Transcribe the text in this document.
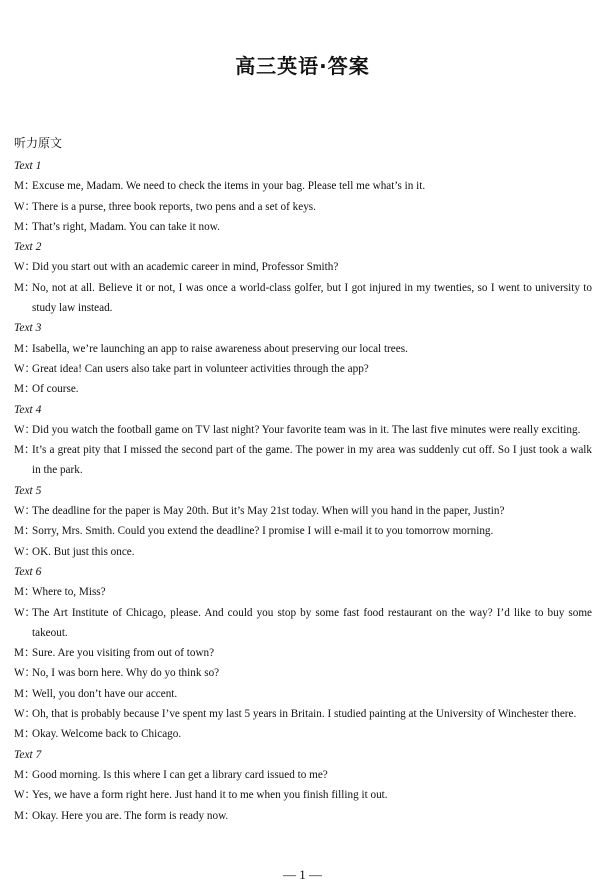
高三英语·答案
听力原文
Text 1
M：
Excuse me, Madam. We need to check the items in your bag. Please tell me what’s in it.
W：
There is a purse, three book reports, two pens and a set of keys.
M：
That’s right, Madam. You can take it now.
Text 2
W：
Did you start out with an academic career in mind, Professor Smith?
M：
No, not at all. Believe it or not, I was once a world-class golfer, but I got injured in my twenties, so I went to university to study law instead.
Text 3
M：
Isabella, we’re launching an app to raise awareness about preserving our local trees.
W：
Great idea! Can users also take part in volunteer activities through the app?
M：
Of course.
Text 4
W：
Did you watch the football game on TV last night? Your favorite team was in it. The last five minutes were really exciting.
M：
It’s a great pity that I missed the second part of the game. The power in my area was suddenly cut off. So I just took a walk in the park.
Text 5
W：
The deadline for the paper is May 20th. But it’s May 21st today. When will you hand in the paper, Justin?
M：
Sorry, Mrs. Smith. Could you extend the deadline? I promise I will e-mail it to you tomorrow morning.
W：
OK. But just this once.
Text 6
M：
Where to, Miss?
W：
The Art Institute of Chicago, please. And could you stop by some fast food restaurant on the way? I’d like to buy some takeout.
M：
Sure. Are you visiting from out of town?
W：
No, I was born here. Why do yo think so?
M：
Well, you don’t have our accent.
W：
Oh, that is probably because I’ve spent my last 5 years in Britain. I studied painting at the University of Winchester there.
M：
Okay. Welcome back to Chicago.
Text 7
M：
Good morning. Is this where I can get a library card issued to me?
W：
Yes, we have a form right here. Just hand it to me when you finish filling it out.
M：
Okay. Here you are. The form is ready now.
— 1 —
